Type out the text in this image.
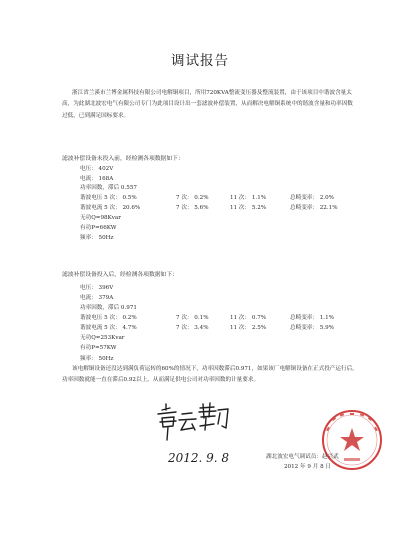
调试报告
浙江省兰溪市兰博金属科技有限公司电解铜项目，所用720KVA整流变压器及整流装置，由于该项目中谐波含量太高，为此湖北波宏电气有限公司专门为此项目设计出一套滤波补偿装置，从而解决电解铜系统中的谐波含量和功率因数过低，已到满足国标要求。
滤波补偿设备未投入前，经检测各项数据如下：
电压： 402V
电流： 168A
功率因数，滞后 0.557
谐波电压 5 次： 0.5%	7 次： 0.2%	11 次： 1.1%	总畸变率： 2.0%
谐波电流 5 次： 20.6%	7 次： 5.6%	11 次： 5.2%	总畸变率： 22.1%
无功Q=98Kvar
有功P=66KW
频率： 50Hz
滤波补偿设备投入后，经检测各项数据如下：
电压： 396V
电流： 379A
功率因数，滞后 0.971
谐波电压 5 次： 0.2%	7 次： 0.1%	11 次： 0.7%	总畸变率： 1.1%
谐波电流 5 次： 4.7%	7 次： 3.4%	11 次： 2.5%	总畸变率： 5.9%
无功Q=253Kvar
有功P=57KW
频率： 50Hz
该电解铜设备还没达到满负荷运转的60%的情况下，功率因数滞后0.971，如果该厂电解铜设备在正式投产运行后，功率因数就能一直在滞后0.92以上，从而满足供电公司对功率因数的计量要求。
2012. 9. 8	湖北波宏电气调试员：赵兴武
2012 年 9 月 8 日
